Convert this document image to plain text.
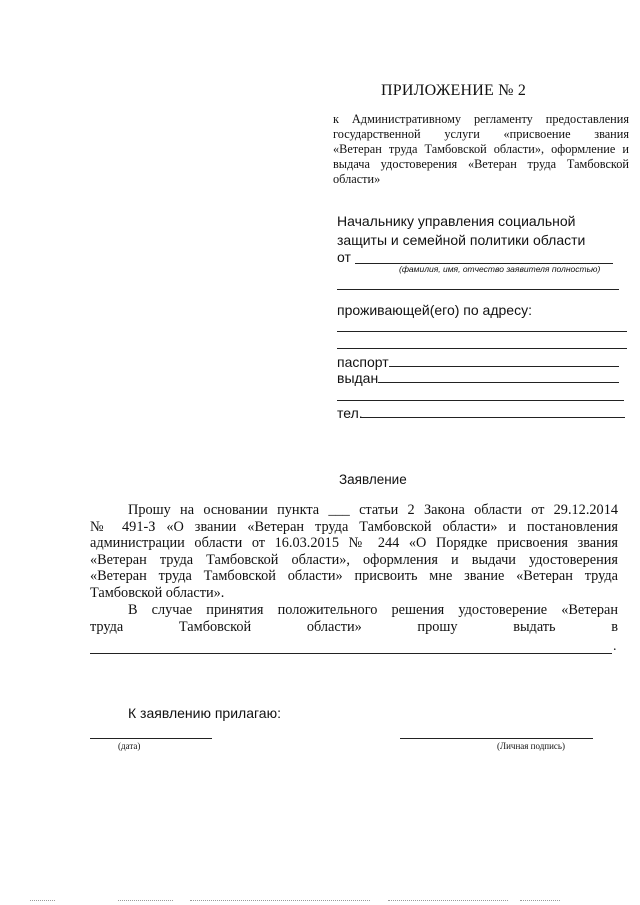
ПРИЛОЖЕНИЕ № 2
к Административному регламенту предоставления
государственной услуги «присвоение звания
«Ветеран труда Тамбовской области», оформление и
выдача удостоверения «Ветеран труда Тамбовской
области»
Начальнику управления социальной
защиты и семейной политики области
от
(фамилия, имя, отчество заявителя полностью)
проживающей(его) по адресу:
паспорт
выдан
тел.
Заявление
Прошу на основании пункта ___ статьи 2 Закона области от 29.12.2014
№ 491-З «О звании «Ветеран труда Тамбовской области» и постановления
администрации области от 16.03.2015 № 244 «О Порядке присвоения звания
«Ветеран труда Тамбовской области», оформления и выдачи удостоверения
«Ветеран труда Тамбовской области» присвоить мне звание «Ветеран труда
Тамбовской области».
В случае принятия положительного решения удостоверение «Ветеран
труда Тамбовской области» прошу выдать в
.
К заявлению прилагаю:
(дата)	(Личная подпись)
